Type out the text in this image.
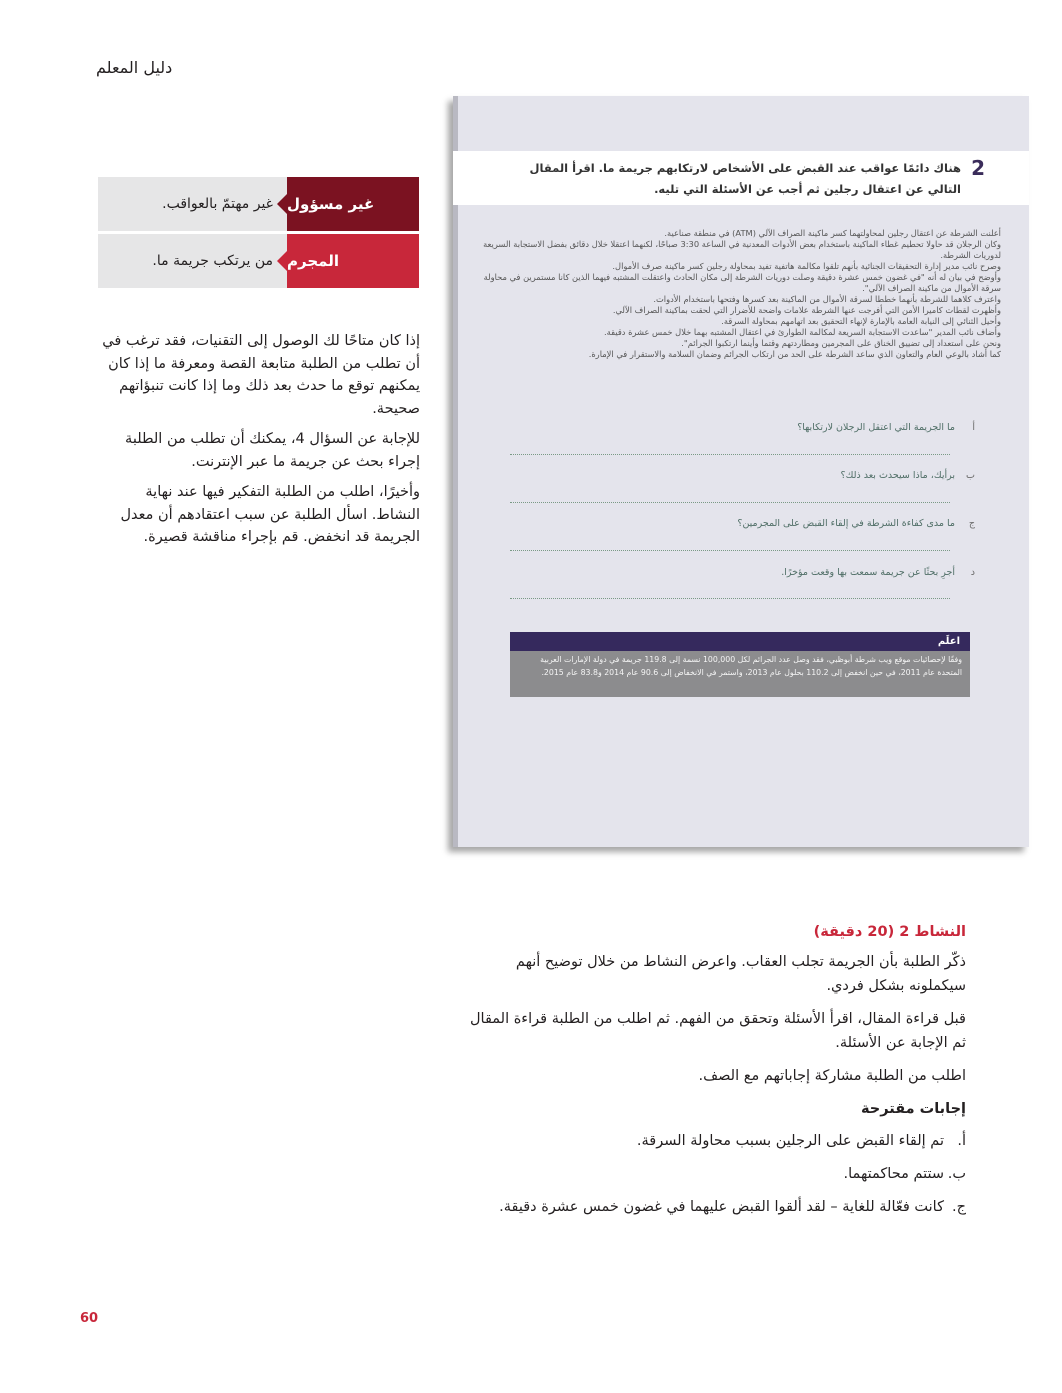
دليل المعلم
غير مسؤول
غير مهتمّ بالعواقب.
المجرم
من يرتكب جريمة ما.

إذا كان متاحًا لك الوصول إلى التقنيات، فقد ترغب في أن تطلب من الطلبة متابعة القصة ومعرفة ما إذا كان يمكنهم توقع ما حدث بعد ذلك وما إذا كانت تنبؤاتهم صحيحة.

للإجابة عن السؤال 4، يمكنك أن تطلب من الطلبة إجراء بحث عن جريمة ما عبر الإنترنت.

وأخيرًا، اطلب من الطلبة التفكير فيها عند نهاية النشاط. اسأل الطلبة عن سبب اعتقادهم أن معدل الجريمة قد انخفض. قم بإجراء مناقشة قصيرة.

2
هناك دائمًا عواقب عند القبض على الأشخاص لارتكابهم جريمة ما. اقرأ المقال التالي عن اعتقال رجلين ثم أجب عن الأسئلة التي تليه.
أعلنت الشرطة عن اعتقال رجلين لمحاولتهما كسر ماكينة الصراف الآلي (ATM) في منطقة صناعية.
وكان الرجلان قد حاولا تحطيم غطاء الماكينة باستخدام بعض الأدوات المعدنية في الساعة 3:30 صباحًا، لكنهما اعتقلا خلال دقائق بفضل الاستجابة السريعة لدوريات الشرطة.
وصرح نائب مدير إدارة التحقيقات الجنائية بأنهم تلقوا مكالمة هاتفية تفيد بمحاولة رجلين كسر ماكينة صرف الأموال.
وأوضح في بيان له أنه "في غضون خمس عشرة دقيقة وصلت دوريات الشرطة إلى مكان الحادث واعتقلت المشتبه فيهما الذين كانا مستمرين في محاولة سرقة الأموال من ماكينة الصراف الآلي".
واعترف كلاهما للشرطة بأنهما خططا لسرقة الأموال من الماكينة بعد كسرها وفتحها باستخدام الأدوات.
وأظهرت لقطات كاميرا الأمن التي أفرجت عنها الشرطة علامات واضحة للأضرار التي لحقت بماكينة الصراف الآلي.
وأحيل الثنائي إلى النيابة العامة بالإمارة لإنهاء التحقيق بعد اتهامهم بمحاولة السرقة.
وأضاف نائب المدير "ساعدت الاستجابة السريعة لمكالمة الطوارئ في اعتقال المشتبه بهما خلال خمس عشرة دقيقة.
ونحن على استعداد إلى تضييق الخناق على المجرمين ومطاردتهم وقتما وأينما ارتكبوا الجرائم".
كما أشاد بالوعي العام والتعاون الذي ساعد الشرطة على الحد من ارتكاب الجرائم وضمان السلامة والاستقرار في الإمارة.
أ
ما الجريمة التي اعتقل الرجلان لارتكابها؟
ب
برأيك، ماذا سيحدث بعد ذلك؟
ج
ما مدى كفاءة الشرطة في إلقاء القبض على المجرمين؟
د
أجرِ بحثًا عن جريمة سمعت بها وقعت مؤخرًا.
اعلَم
وفقًا لإحصائيات موقع ويب شرطة أبوظبي، فقد وصل عدد الجرائم لكل 100,000 نسمة إلى 119.8 جريمة في دولة الإمارات العربية المتحدة عام 2011، في حين انخفض إلى 110.2 بحلول عام 2013، واستمر في الانخفاض إلى 90.6 عام 2014 و83.8 عام 2015.
النشاط 2 (20 دقيقة)

ذكّر الطلبة بأن الجريمة تجلب العقاب. واعرض النشاط من خلال توضيح أنهم سيكملونه بشكل فردي.

قبل قراءة المقال، اقرأ الأسئلة وتحقق من الفهم. ثم اطلب من الطلبة قراءة المقال ثم الإجابة عن الأسئلة.

اطلب من الطلبة مشاركة إجاباتهم مع الصف.

إجابات مقترحة
أ.
تم إلقاء القبض على الرجلين بسبب محاولة السرقة.
ب.
ستتم محاكمتهما.
ج.
كانت فعّالة للغاية – لقد ألقوا القبض عليهما في غضون خمس عشرة دقيقة.
60
